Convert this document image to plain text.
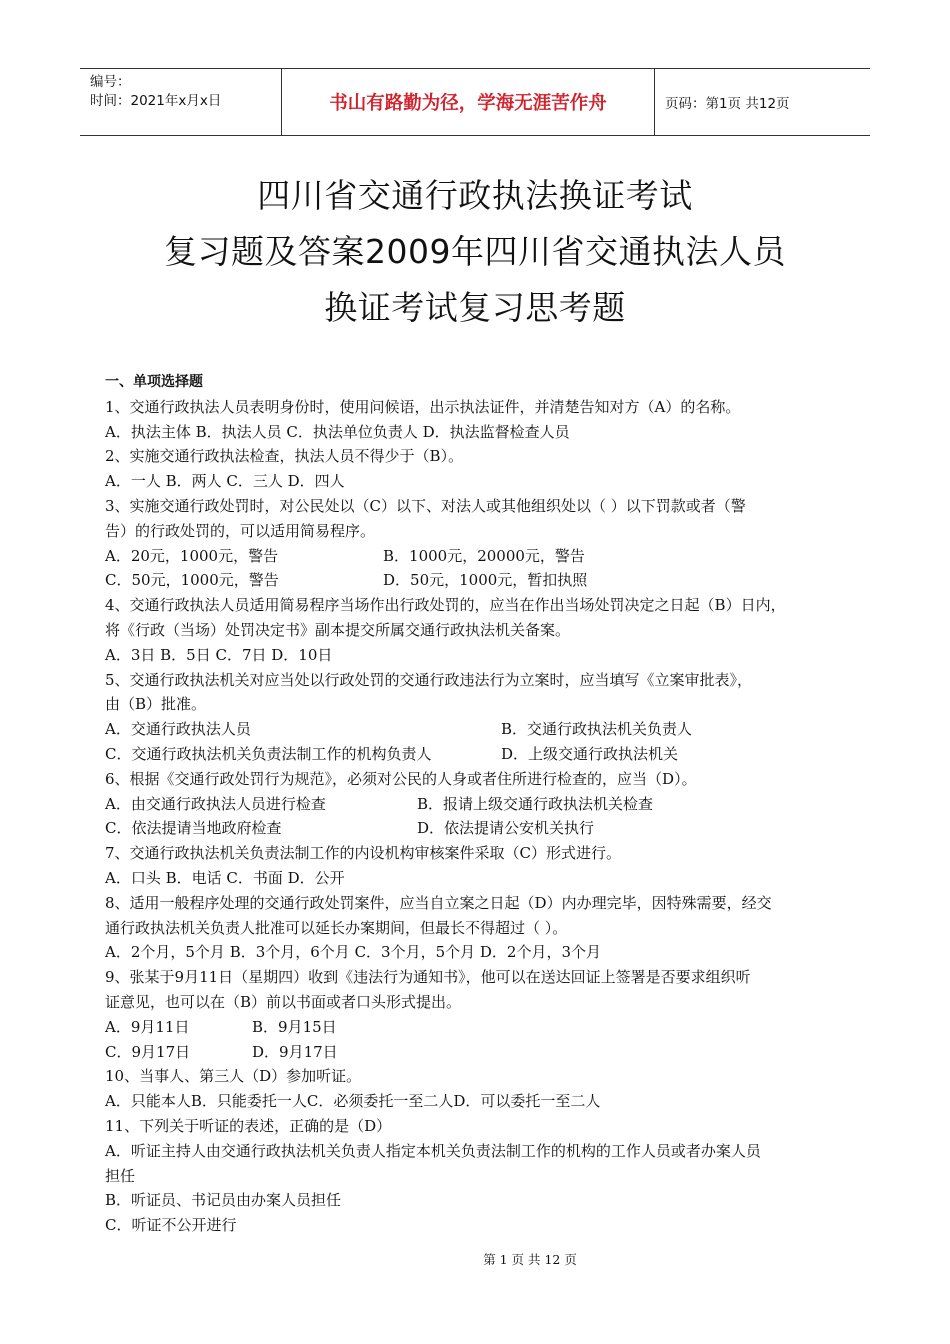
编号：
时间：2021年x月x日	书山有路勤为径，学海无涯苦作舟	页码：第1页 共12页
四川省交通行政执法换证考试
复习题及答案2009年四川省交通执法人员
换证考试复习思考题
一、单项选择题
1、交通行政执法人员表明身份时，使用问候语，出示执法证件，并清楚告知对方（A）的名称。
A．执法主体 B．执法人员 C．执法单位负责人 D．执法监督检查人员
2、实施交通行政执法检查，执法人员不得少于（B）。
A．一人 B．两人 C．三人 D．四人
3、实施交通行政处罚时，对公民处以（C）以下、对法人或其他组织处以（ ）以下罚款或者（警
告）的行政处罚的，可以适用简易程序。
A．20元，1000元，警告	B．1000元，20000元，警告
C．50元，1000元，警告	D．50元，1000元，暂扣执照
4、交通行政执法人员适用简易程序当场作出行政处罚的，应当在作出当场处罚决定之日起（B）日内，
将《行政（当场）处罚决定书》副本提交所属交通行政执法机关备案。
A．3日 B．5日 C．7日 D．10日
5、交通行政执法机关对应当处以行政处罚的交通行政违法行为立案时，应当填写《立案审批表》，
由（B）批准。
A．交通行政执法人员	B．交通行政执法机关负责人
C．交通行政执法机关负责法制工作的机构负责人	D．上级交通行政执法机关
6、根据《交通行政处罚行为规范》，必须对公民的人身或者住所进行检查的，应当（D）。
A．由交通行政执法人员进行检查	B．报请上级交通行政执法机关检查
C．依法提请当地政府检查	D．依法提请公安机关执行
7、交通行政执法机关负责法制工作的内设机构审核案件采取（C）形式进行。
A．口头 B．电话 C．书面 D．公开
8、适用一般程序处理的交通行政处罚案件，应当自立案之日起（D）内办理完毕，因特殊需要，经交
通行政执法机关负责人批准可以延长办案期间，但最长不得超过（ ）。
A．2个月，5个月 B．3个月，6个月 C．3个月，5个月 D．2个月，3个月
9、张某于9月11日（星期四）收到《违法行为通知书》，他可以在送达回证上签署是否要求组织听
证意见，也可以在（B）前以书面或者口头形式提出。
A．9月11日	B．9月15日
C．9月17日	D．9月17日
10、当事人、第三人（D）参加听证。
A．只能本人B．只能委托一人C．必须委托一至二人D．可以委托一至二人
11、下列关于听证的表述，正确的是（D）
A．听证主持人由交通行政执法机关负责人指定本机关负责法制工作的机构的工作人员或者办案人员
担任
B．听证员、书记员由办案人员担任
C．听证不公开进行
第 1 页 共 12 页
